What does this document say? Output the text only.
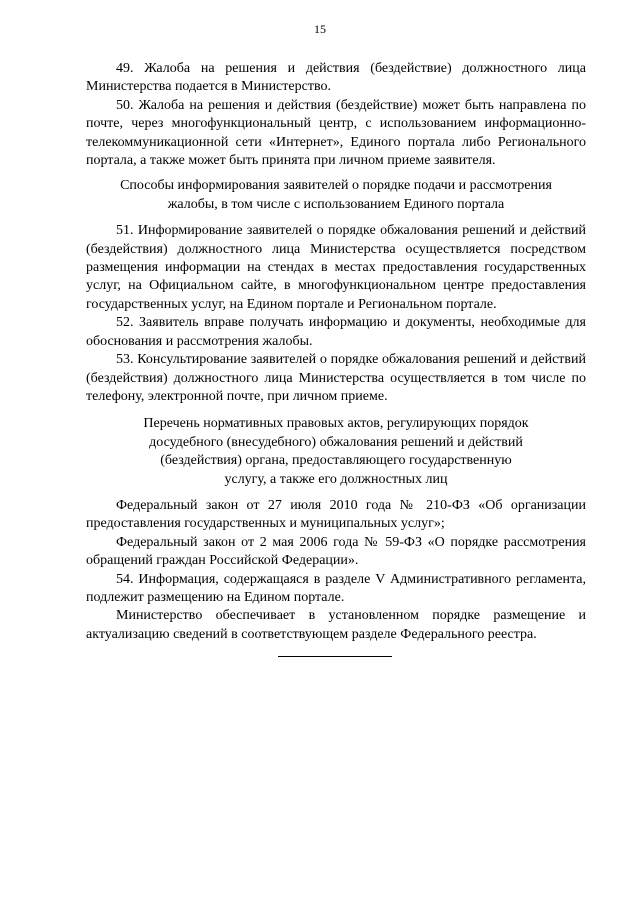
15

49. Жалоба на решения и действия (бездействие) должностного лица Министерства подается в Министерство.

50. Жалоба на решения и действия (бездействие) может быть направлена по почте, через многофункциональный центр, с использованием информационно-телекоммуникационной сети «Интернет», Единого портала либо Регионального портала, а также может быть принята при личном приеме заявителя.

Способы информирования заявителей о порядке подачи и рассмотрения
жалобы, в том числе с использованием Единого портала

51. Информирование заявителей о порядке обжалования решений и действий (бездействия) должностного лица Министерства осуществляется посредством размещения информации на стендах в местах предоставления государственных услуг, на Официальном сайте, в многофункциональном центре предоставления государственных услуг, на Едином портале и Региональном портале.

52. Заявитель вправе получать информацию и документы, необходимые для обоснования и рассмотрения жалобы.

53. Консультирование заявителей о порядке обжалования решений и действий (бездействия) должностного лица Министерства осуществляется в том числе по телефону, электронной почте, при личном приеме.

Перечень нормативных правовых актов, регулирующих порядок
досудебного (внесудебного) обжалования решений и действий
(бездействия) органа, предоставляющего государственную
услугу, а также его должностных лиц

Федеральный закон от 27 июля 2010 года № 210-ФЗ «Об организации предоставления государственных и муниципальных услуг»;

Федеральный закон от 2 мая 2006 года № 59-ФЗ «О порядке рассмотрения обращений граждан Российской Федерации».

54. Информация, содержащаяся в разделе V Административного регламента, подлежит размещению на Едином портале.

Министерство обеспечивает в установленном порядке размещение и актуализацию сведений в соответствующем разделе Федерального реестра.
